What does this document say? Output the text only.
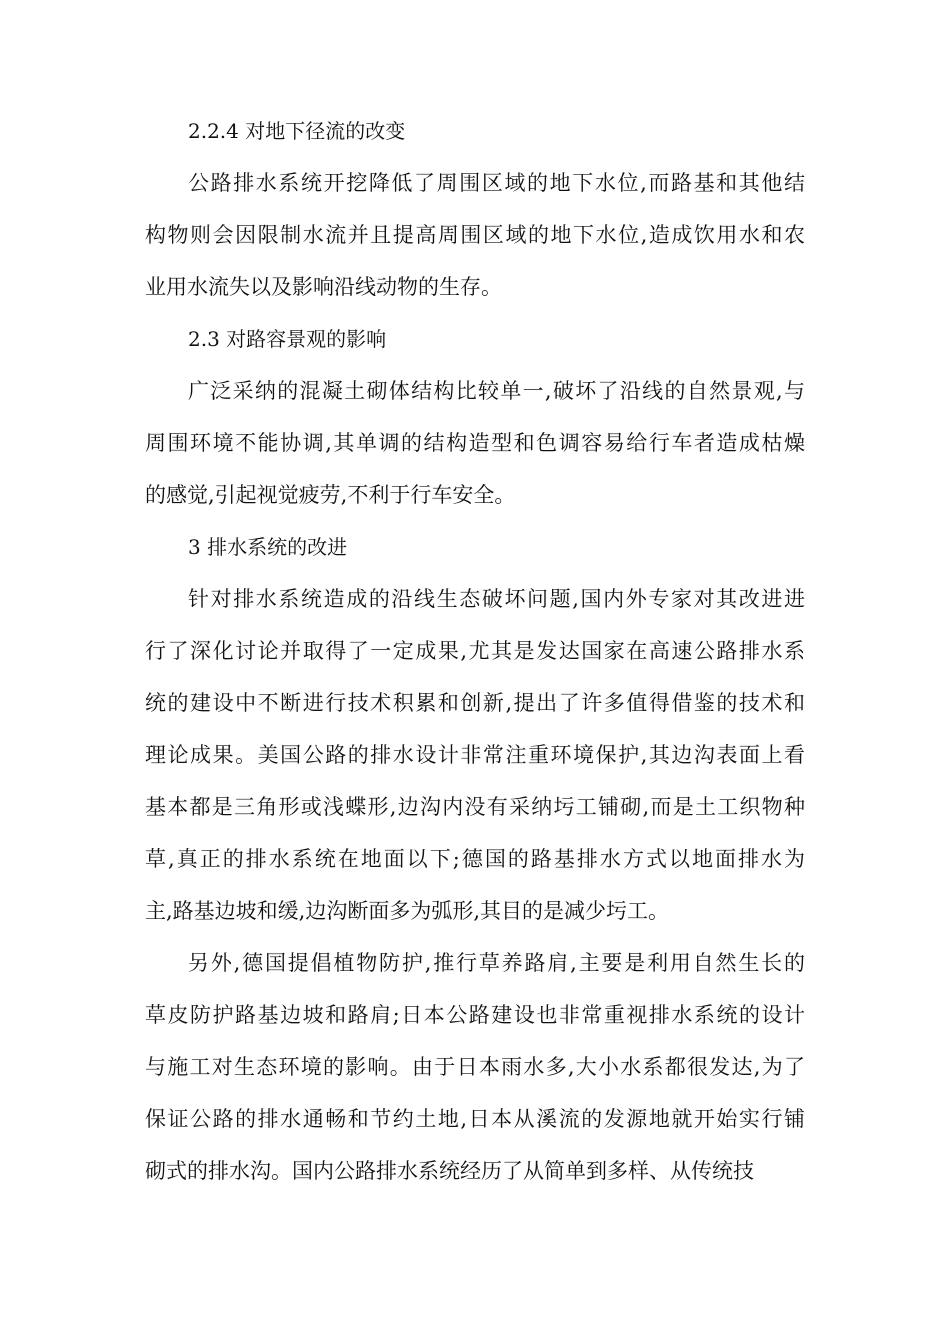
2.2.4 对地下径流的改变
公路排水系统开挖降低了周围区域的地下水位,而路基和其他结
构物则会因限制水流并且提高周围区域的地下水位,造成饮用水和农
业用水流失以及影响沿线动物的生存。
2.3 对路容景观的影响
广泛采纳的混凝土砌体结构比较单一,破坏了沿线的自然景观,与
周围环境不能协调,其单调的结构造型和色调容易给行车者造成枯燥
的感觉,引起视觉疲劳,不利于行车安全。
3 排水系统的改进
针对排水系统造成的沿线生态破坏问题,国内外专家对其改进进
行了深化讨论并取得了一定成果,尤其是发达国家在高速公路排水系
统的建设中不断进行技术积累和创新,提出了许多值得借鉴的技术和
理论成果。美国公路的排水设计非常注重环境保护,其边沟表面上看
基本都是三角形或浅蝶形,边沟内没有采纳圬工铺砌,而是土工织物种
草,真正的排水系统在地面以下;德国的路基排水方式以地面排水为
主,路基边坡和缓,边沟断面多为弧形,其目的是减少圬工。
另外,德国提倡植物防护,推行草养路肩,主要是利用自然生长的
草皮防护路基边坡和路肩;日本公路建设也非常重视排水系统的设计
与施工对生态环境的影响。由于日本雨水多,大小水系都很发达,为了
保证公路的排水通畅和节约土地,日本从溪流的发源地就开始实行铺
砌式的排水沟。国内公路排水系统经历了从简单到多样、从传统技
